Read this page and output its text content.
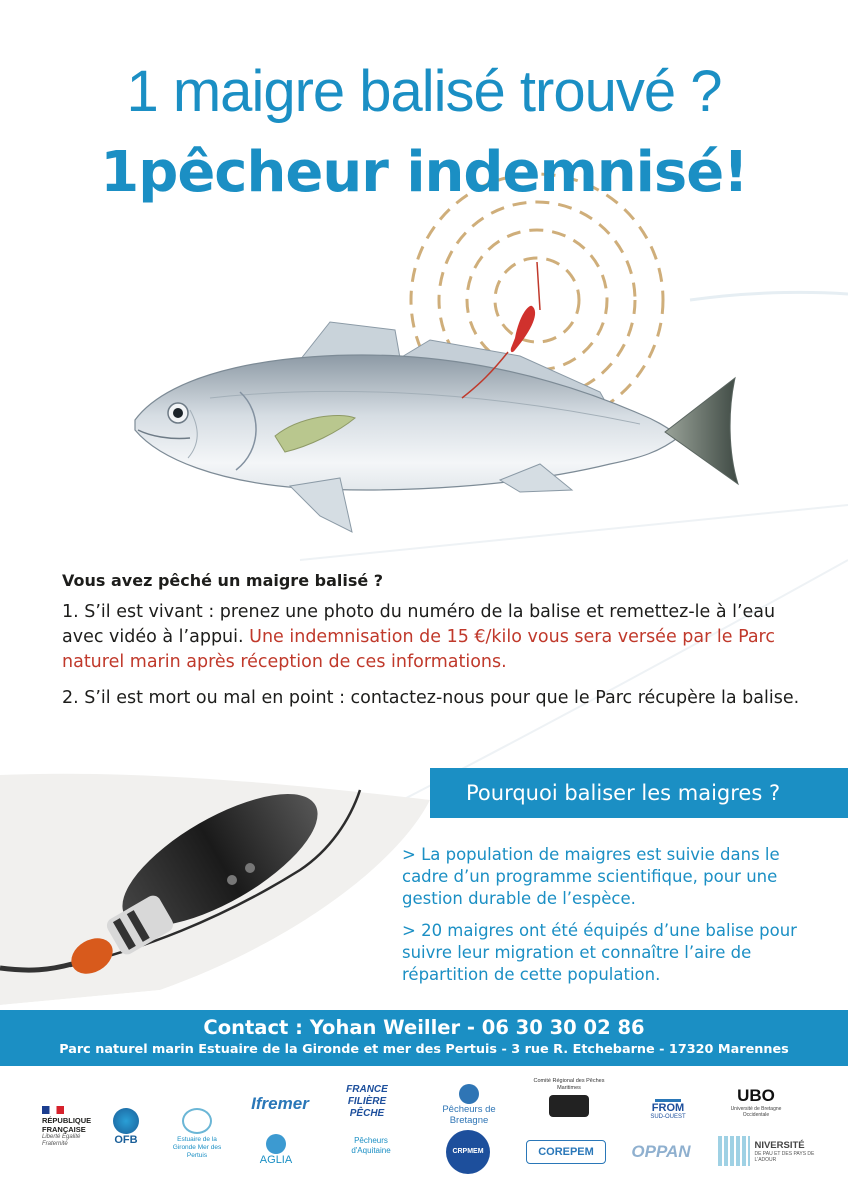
1 maigre balisé trouvé ?
1pêcheur indemnisé!
Vous avez pêché un maigre balisé ?
1. S’il est vivant : prenez une photo du numéro de la balise et remettez-le à l’eau avec vidéo à l’appui. Une indemnisation de 15 €/kilo vous sera versée par le Parc naturel marin après réception de ces informations.
2. S’il est mort ou mal en point : contactez-nous pour que le Parc récupère la balise.
Pourquoi baliser les maigres ?
> La population de maigres est suivie dans le cadre d’un programme scientifique, pour une gestion durable de l’espèce.
> 20 maigres ont été équipés d’une balise pour suivre leur migration et connaître l’aire de répartition de cette population.
Contact : Yohan Weiller - 06 30 30 02 86
Parc naturel marin Estuaire de la Gironde et mer des Pertuis - 3 rue R. Etchebarne - 17320 Marennes
RÉPUBLIQUE FRANÇAISE
Liberté Égalité Fraternité	OFB	Estuaire de la Gironde Mer des Pertuis
Ifremer
AGLIA
FRANCE FILIÈRE PÊCHE
Pêcheurs d'Aquitaine
Pêcheurs de Bretagne
CRPMEM
Comité Régional des Pêches Maritimes
COREPEM
FROM
SUD-OUEST
OPPAN
UBO
Université de Bretagne Occidentale

NIVERSITÉ
DE PAU ET DES PAYS DE L'ADOUR
